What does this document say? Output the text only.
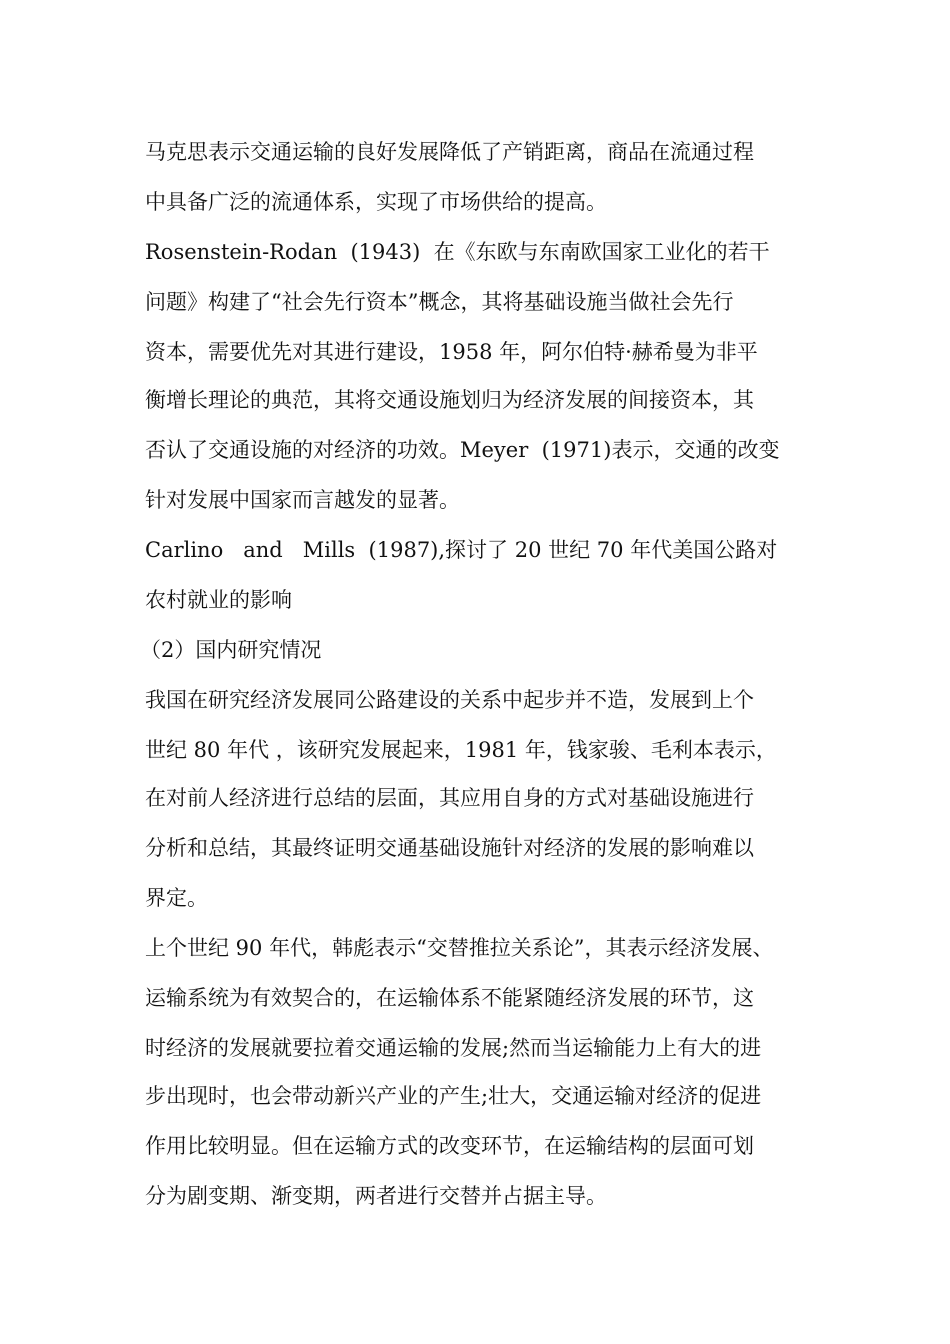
马克思表示交通运输的良好发展降低了产销距离，商品在流通过程
中具备广泛的流通体系，实现了市场供给的提高。
Rosenstein-Rodan  (1943)  在《东欧与东南欧国家工业化的若干
问题》构建了“社会先行资本”概念，其将基础设施当做社会先行
资本，需要优先对其进行建设，1958 年，阿尔伯特·赫希曼为非平
衡增长理论的典范，其将交通设施划归为经济发展的间接资本，其
否认了交通设施的对经济的功效。Meyer  (1971)表示，交通的改变
针对发展中国家而言越发的显著。
Carlino   and   Mills  (1987),探讨了 20 世纪 70 年代美国公路对
农村就业的影响
（2）国内研究情况
我国在研究经济发展同公路建设的关系中起步并不造，发展到上个
世纪 80 年代 ，该研究发展起来，1981 年，钱家骏、毛利本表示，
在对前人经济进行总结的层面，其应用自身的方式对基础设施进行
分析和总结，其最终证明交通基础设施针对经济的发展的影响难以
界定。
上个世纪 90 年代，韩彪表示“交替推拉关系论”，其表示经济发展、
运输系统为有效契合的，在运输体系不能紧随经济发展的环节，这
时经济的发展就要拉着交通运输的发展;然而当运输能力上有大的进
步出现时，也会带动新兴产业的产生;壮大，交通运输对经济的促进
作用比较明显。但在运输方式的改变环节，在运输结构的层面可划
分为剧变期、渐变期，两者进行交替并占据主导。
